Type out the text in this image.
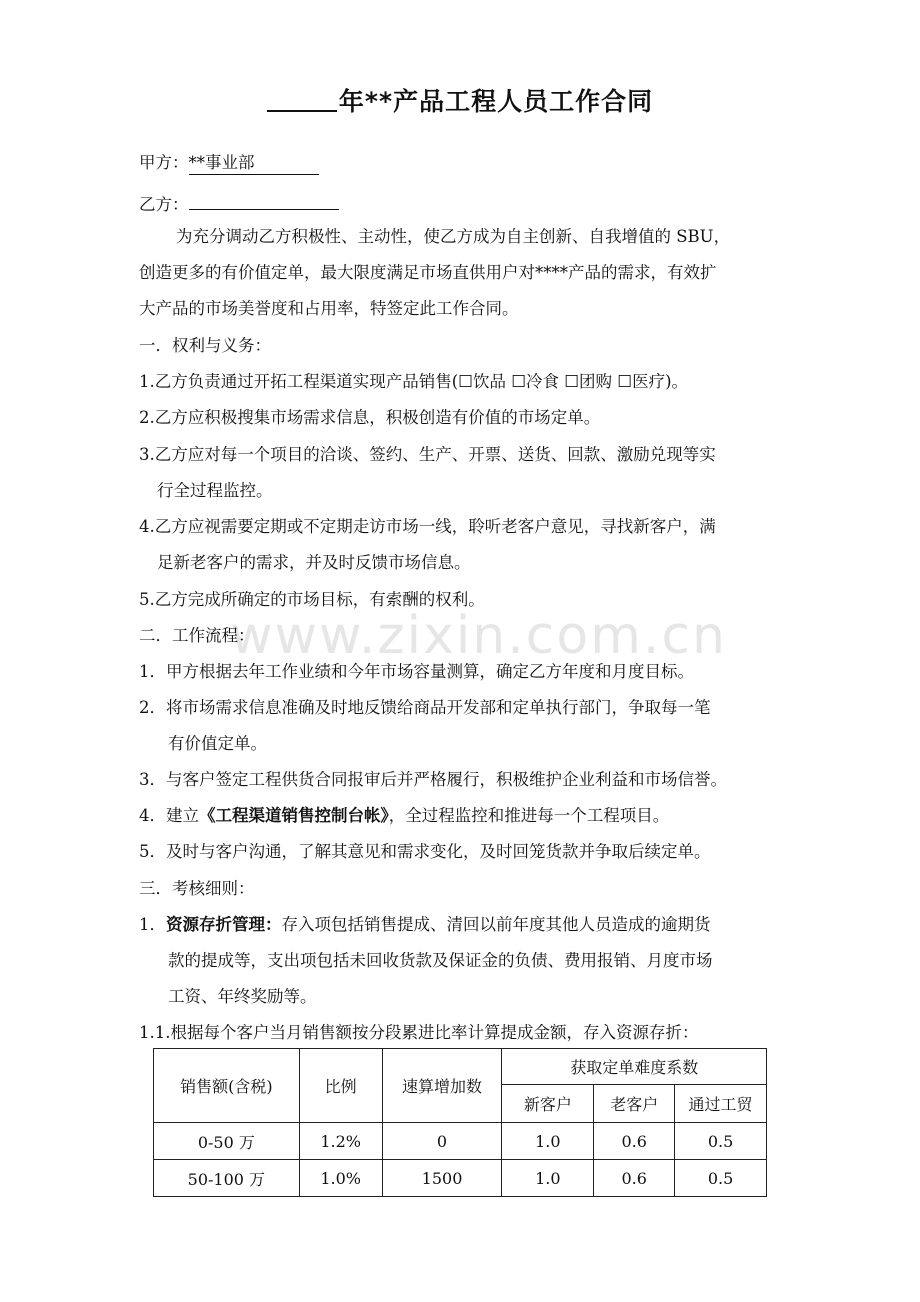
年**产品工程人员工作合同
甲方：**事业部
乙方：
为充分调动乙方积极性、主动性，使乙方成为自主创新、自我增值的 SBU，
创造更多的有价值定单，最大限度满足市场直供用户对****产品的需求，有效扩
大产品的市场美誉度和占用率，特签定此工作合同。
一．权利与义务：
1.乙方负责通过开拓工程渠道实现产品销售(☐饮品 ☐冷食 ☐团购 ☐医疗)。
2.乙方应积极搜集市场需求信息，积极创造有价值的市场定单。
3.乙方应对每一个项目的洽谈、签约、生产、开票、送货、回款、激励兑现等实
行全过程监控。
4.乙方应视需要定期或不定期走访市场一线，聆听老客户意见，寻找新客户，满
足新老客户的需求，并及时反馈市场信息。
5.乙方完成所确定的市场目标，有索酬的权利。
www.zixin.com.cn
二．工作流程：
1．甲方根据去年工作业绩和今年市场容量测算，确定乙方年度和月度目标。
2．将市场需求信息准确及时地反馈给商品开发部和定单执行部门，争取每一笔
有价值定单。
3．与客户签定工程供货合同报审后并严格履行，积极维护企业利益和市场信誉。
4．建立《工程渠道销售控制台帐》，全过程监控和推进每一个工程项目。
5．及时与客户沟通，了解其意见和需求变化，及时回笼货款并争取后续定单。
三．考核细则：
1．资源存折管理：存入项包括销售提成、清回以前年度其他人员造成的逾期货
款的提成等，支出项包括未回收货款及保证金的负债、费用报销、月度市场
工资、年终奖励等。
1.1.根据每个客户当月销售额按分段累进比率计算提成金额，存入资源存折：
销售额(含税)	比例	速算增加数	获取定单难度系数		
			新客户	老客户	通过工贸
0-50 万	1.2%	0	1.0	0.6	0.5
50-100 万	1.0%	1500	1.0	0.6	0.5
